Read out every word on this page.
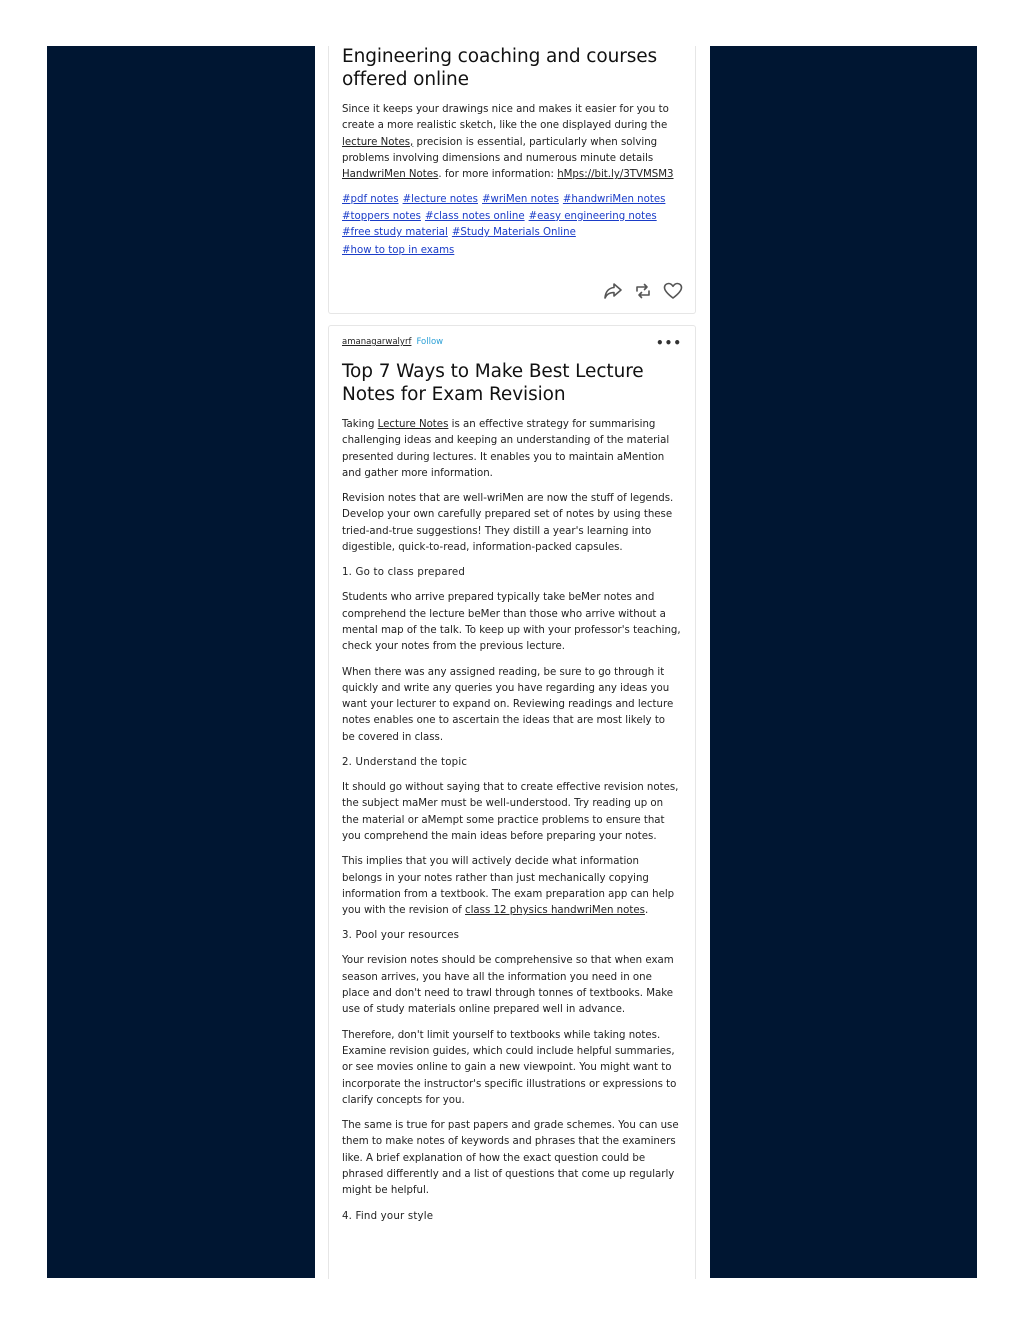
Engineering coaching and courses offered online

Since it keeps your drawings nice and makes it easier for you to create a more realistic sketch, like the one displayed during the lecture Notes, precision is essential, particularly when solving problems involving dimensions and numerous minute details HandwriMen Notes. for more information: hMps://bit.ly/3TVMSM3

#pdf notes #lecture notes #wriMen notes #handwriMen notes
#toppers notes #class notes online #easy engineering notes
#free study material #Study Materials Online
#how to top in exams
amanagarwalyrf Follow	•••
Top 7 Ways to Make Best Lecture Notes for Exam Revision

Taking Lecture Notes is an effective strategy for summarising challenging ideas and keeping an understanding of the material presented during lectures. It enables you to maintain aMention and gather more information.

Revision notes that are well-wriMen are now the stuff of legends. Develop your own carefully prepared set of notes by using these tried-and-true suggestions! They distill a year's learning into digestible, quick-to-read, information-packed capsules.

1. Go to class prepared

Students who arrive prepared typically take beMer notes and comprehend the lecture beMer than those who arrive without a mental map of the talk. To keep up with your professor's teaching, check your notes from the previous lecture.

When there was any assigned reading, be sure to go through it quickly and write any queries you have regarding any ideas you want your lecturer to expand on. Reviewing readings and lecture notes enables one to ascertain the ideas that are most likely to be covered in class.

2. Understand the topic

It should go without saying that to create effective revision notes, the subject maMer must be well-understood. Try reading up on the material or aMempt some practice problems to ensure that you comprehend the main ideas before preparing your notes.

This implies that you will actively decide what information belongs in your notes rather than just mechanically copying information from a textbook. The exam preparation app can help you with the revision of class 12 physics handwriMen notes.

3. Pool your resources

Your revision notes should be comprehensive so that when exam season arrives, you have all the information you need in one place and don't need to trawl through tonnes of textbooks. Make use of study materials online prepared well in advance.

Therefore, don't limit yourself to textbooks while taking notes. Examine revision guides, which could include helpful summaries, or see movies online to gain a new viewpoint. You might want to incorporate the instructor's specific illustrations or expressions to clarify concepts for you.

The same is true for past papers and grade schemes. You can use them to make notes of keywords and phrases that the examiners like. A brief explanation of how the exact question could be phrased differently and a list of questions that come up regularly might be helpful.

4. Find your style
